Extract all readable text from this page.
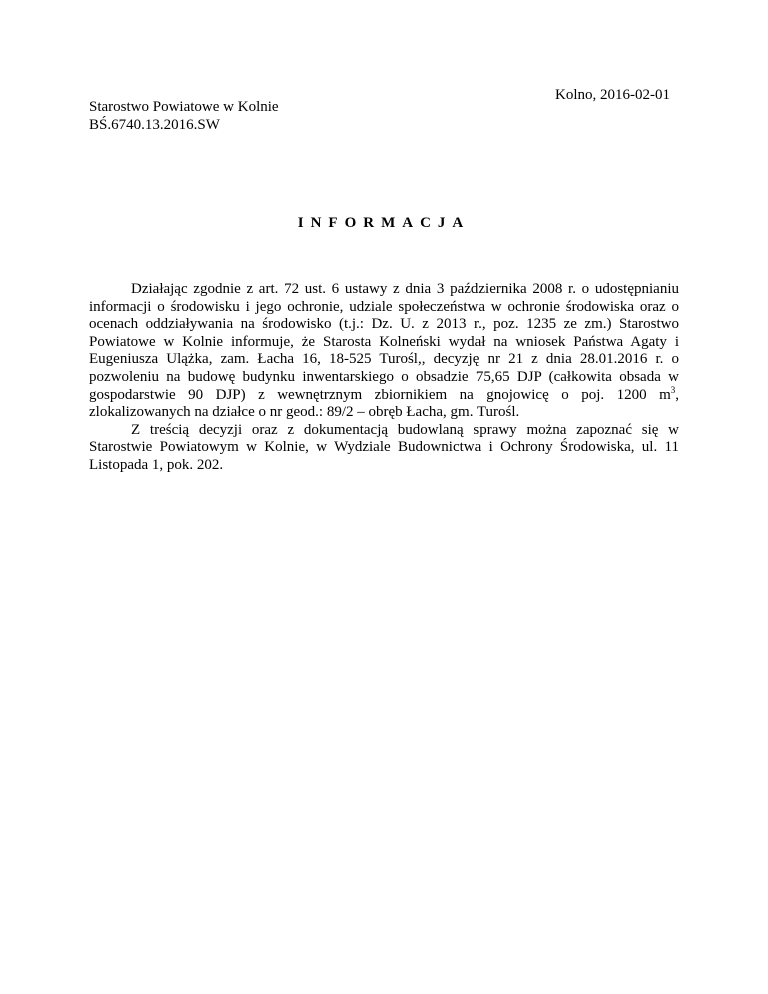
Kolno, 2016-02-01
Starostwo Powiatowe w Kolnie
BŚ.6740.13.2016.SW
INFORMACJA

Działając zgodnie z art. 72 ust. 6 ustawy z dnia 3 października 2008 r. o udostępnianiu informacji o środowisku i jego ochronie, udziale społeczeństwa w ochronie środowiska oraz o ocenach oddziaływania na środowisko (t.j.: Dz. U. z 2013 r., poz. 1235 ze zm.) Starostwo Powiatowe w Kolnie informuje, że Starosta Kolneński wydał na wniosek Państwa Agaty i Eugeniusza Ulążka, zam. Łacha 16, 18-525 Turośl,, decyzję nr 21 z dnia 28.01.2016 r. o pozwoleniu na budowę budynku inwentarskiego o obsadzie 75,65 DJP (całkowita obsada w gospodarstwie 90 DJP) z wewnętrznym zbiornikiem na gnojowicę o poj. 1200 $m^3$, zlokalizowanych na działce o nr geod.: 89/2 – obręb Łacha, gm. Turośl.

Z treścią decyzji oraz z dokumentacją budowlaną sprawy można zapoznać się w Starostwie Powiatowym w Kolnie, w Wydziale Budownictwa i Ochrony Środowiska, ul. 11 Listopada 1, pok. 202.
